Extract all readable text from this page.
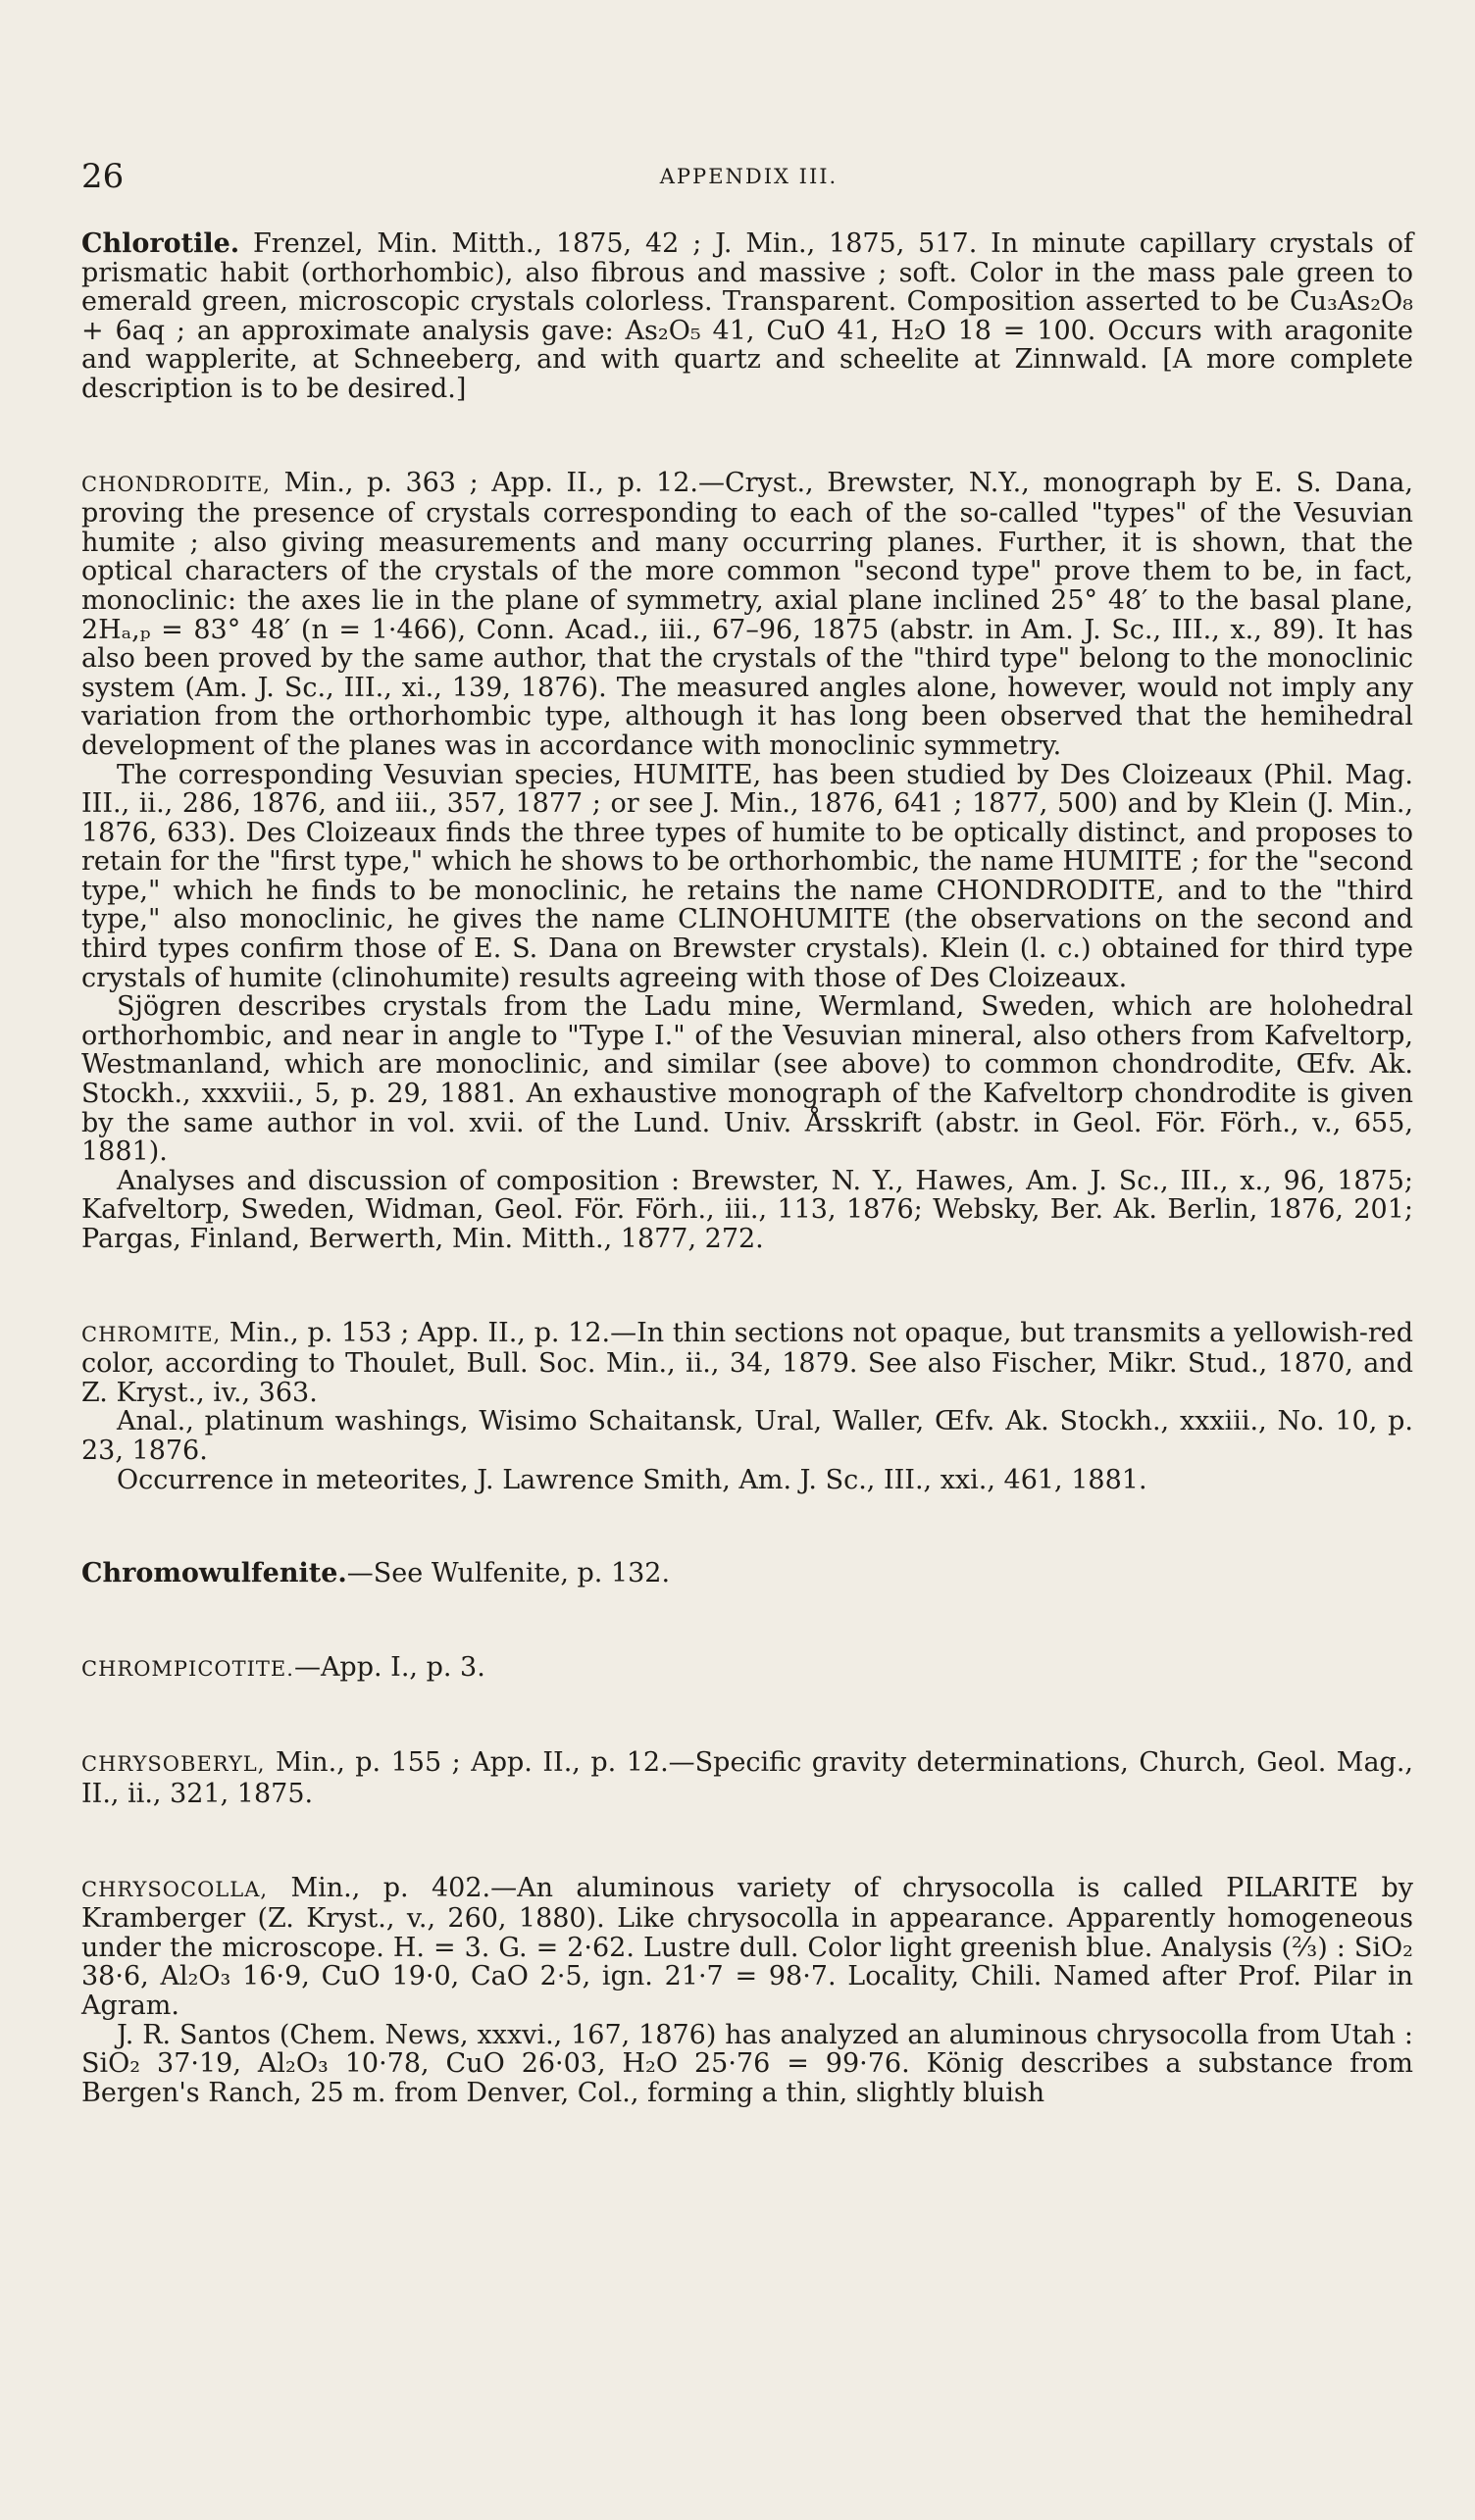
26	APPENDIX III.

Chlorotile. Frenzel, Min. Mitth., 1875, 42 ; J. Min., 1875, 517. In minute capillary crystals of prismatic habit (orthorhombic), also fibrous and massive ; soft. Color in the mass pale green to emerald green, microscopic crystals colorless. Transparent. Composition asserted to be Cu₃As₂O₈ + 6aq ; an approximate analysis gave: As₂O₅ 41, CuO 41, H₂O 18 = 100. Occurs with aragonite and wapplerite, at Schneeberg, and with quartz and scheelite at Zinnwald. [A more complete description is to be desired.]

CHONDRODITE, Min., p. 363 ; App. II., p. 12.—Cryst., Brewster, N.Y., monograph by E. S. Dana, proving the presence of crystals corresponding to each of the so-called "types" of the Vesuvian humite ; also giving measurements and many occurring planes. Further, it is shown, that the optical characters of the crystals of the more common "second type" prove them to be, in fact, monoclinic: the axes lie in the plane of symmetry, axial plane inclined 25° 48′ to the basal plane, 2Hₐ,ₚ = 83° 48′ (n = 1·466), Conn. Acad., iii., 67–96, 1875 (abstr. in Am. J. Sc., III., x., 89). It has also been proved by the same author, that the crystals of the "third type" belong to the monoclinic system (Am. J. Sc., III., xi., 139, 1876). The measured angles alone, however, would not imply any variation from the orthorhombic type, although it has long been observed that the hemihedral development of the planes was in accordance with monoclinic symmetry.

The corresponding Vesuvian species, HUMITE, has been studied by Des Cloizeaux (Phil. Mag. III., ii., 286, 1876, and iii., 357, 1877 ; or see J. Min., 1876, 641 ; 1877, 500) and by Klein (J. Min., 1876, 633). Des Cloizeaux finds the three types of humite to be optically distinct, and proposes to retain for the "first type," which he shows to be orthorhombic, the name HUMITE ; for the "second type," which he finds to be monoclinic, he retains the name CHONDRODITE, and to the "third type," also monoclinic, he gives the name CLINOHUMITE (the observations on the second and third types confirm those of E. S. Dana on Brewster crystals). Klein (l. c.) obtained for third type crystals of humite (clinohumite) results agreeing with those of Des Cloizeaux.

Sjögren describes crystals from the Ladu mine, Wermland, Sweden, which are holohedral orthorhombic, and near in angle to "Type I." of the Vesuvian mineral, also others from Kafveltorp, Westmanland, which are monoclinic, and similar (see above) to common chondrodite, Œfv. Ak. Stockh., xxxviii., 5, p. 29, 1881. An exhaustive monograph of the Kafveltorp chondrodite is given by the same author in vol. xvii. of the Lund. Univ. Årsskrift (abstr. in Geol. För. Förh., v., 655, 1881).

Analyses and discussion of composition : Brewster, N. Y., Hawes, Am. J. Sc., III., x., 96, 1875; Kafveltorp, Sweden, Widman, Geol. För. Förh., iii., 113, 1876; Websky, Ber. Ak. Berlin, 1876, 201; Pargas, Finland, Berwerth, Min. Mitth., 1877, 272.

CHROMITE, Min., p. 153 ; App. II., p. 12.—In thin sections not opaque, but transmits a yellowish-red color, according to Thoulet, Bull. Soc. Min., ii., 34, 1879. See also Fischer, Mikr. Stud., 1870, and Z. Kryst., iv., 363.

Anal., platinum washings, Wisimo Schaitansk, Ural, Waller, Œfv. Ak. Stockh., xxxiii., No. 10, p. 23, 1876.

Occurrence in meteorites, J. Lawrence Smith, Am. J. Sc., III., xxi., 461, 1881.

Chromowulfenite.—See Wulfenite, p. 132.

CHROMPICOTITE.—App. I., p. 3.

CHRYSOBERYL, Min., p. 155 ; App. II., p. 12.—Specific gravity determinations, Church, Geol. Mag., II., ii., 321, 1875.

CHRYSOCOLLA, Min., p. 402.—An aluminous variety of chrysocolla is called PILARITE by Kramberger (Z. Kryst., v., 260, 1880). Like chrysocolla in appearance. Apparently homogeneous under the microscope. H. = 3. G. = 2·62. Lustre dull. Color light greenish blue. Analysis (⅔) : SiO₂ 38·6, Al₂O₃ 16·9, CuO 19·0, CaO 2·5, ign. 21·7 = 98·7. Locality, Chili. Named after Prof. Pilar in Agram.

J. R. Santos (Chem. News, xxxvi., 167, 1876) has analyzed an aluminous chrysocolla from Utah : SiO₂ 37·19, Al₂O₃ 10·78, CuO 26·03, H₂O 25·76 = 99·76. König describes a substance from Bergen's Ranch, 25 m. from Denver, Col., forming a thin, slightly bluish
